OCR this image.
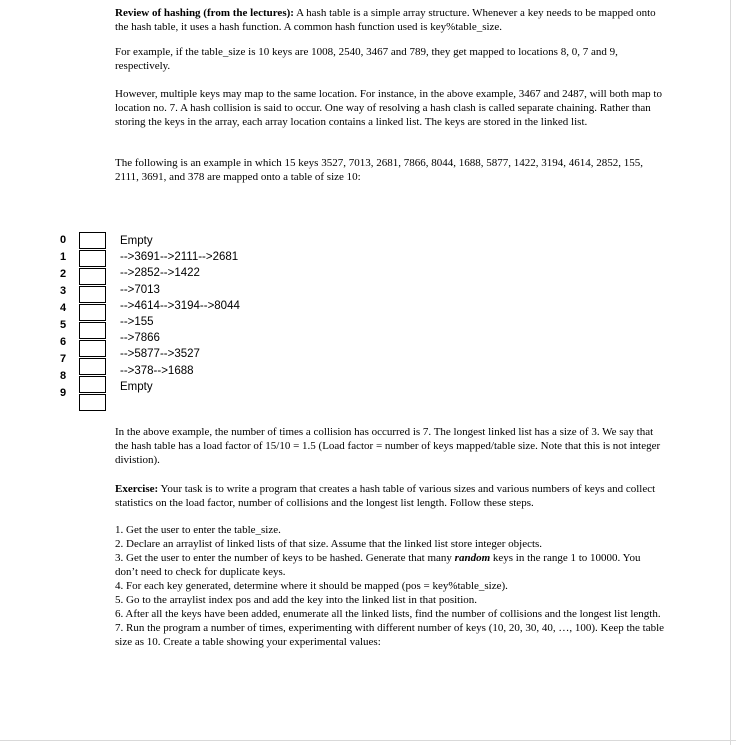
Review of hashing (from the lectures): A hash table is a simple array structure. Whenever a key needs to be mapped onto the hash table, it uses a hash function. A common hash function used is key%table_size.

For example, if the table_size is 10 keys are 1008, 2540, 3467 and 789, they get mapped to locations 8, 0, 7 and 9, respectively.

However, multiple keys may map to the same location. For instance, in the above example, 3467 and 2487, will both map to location no. 7. A hash collision is said to occur. One way of resolving a hash clash is called separate chaining. Rather than storing the keys in the array, each array location contains a linked list. The keys are stored in the linked list.

The following is an example in which 15 keys 3527, 7013, 2681, 7866, 8044, 1688, 5877, 1422, 3194, 4614, 2852, 155, 2111, 3691, and 378 are mapped onto a table of size 10:

0
1
2
3
4
5
6
7
8
9
Empty
-->3691-->2111-->2681
-->2852-->1422
-->7013
-->4614-->3194-->8044
-->155
-->7866
-->5877-->3527
-->378-->1688
Empty

In the above example, the number of times a collision has occurred is 7. The longest linked list has a size of 3. We say that the hash table has a load factor of 15/10 = 1.5 (Load factor = number of keys mapped/table size. Note that this is not integer divistion).

Exercise: Your task is to write a program that creates a hash table of various sizes and various numbers of keys and collect statistics on the load factor, number of collisions and the longest list length. Follow these steps.

1. Get the user to enter the table_size.
2. Declare an arraylist of linked lists of that size. Assume that the linked list store integer objects.
3. Get the user to enter the number of keys to be hashed. Generate that many random keys in the range 1 to 10000. You don’t need to check for duplicate keys.
4. For each key generated, determine where it should be mapped (pos = key%table_size).
5. Go to the arraylist index pos and add the key into the linked list in that position.
6. After all the keys have been added, enumerate all the linked lists, find the number of collisions and the longest list length.
7. Run the program a number of times, experimenting with different number of keys (10, 20, 30, 40, …, 100). Keep the table size as 10. Create a table showing your experimental values:
